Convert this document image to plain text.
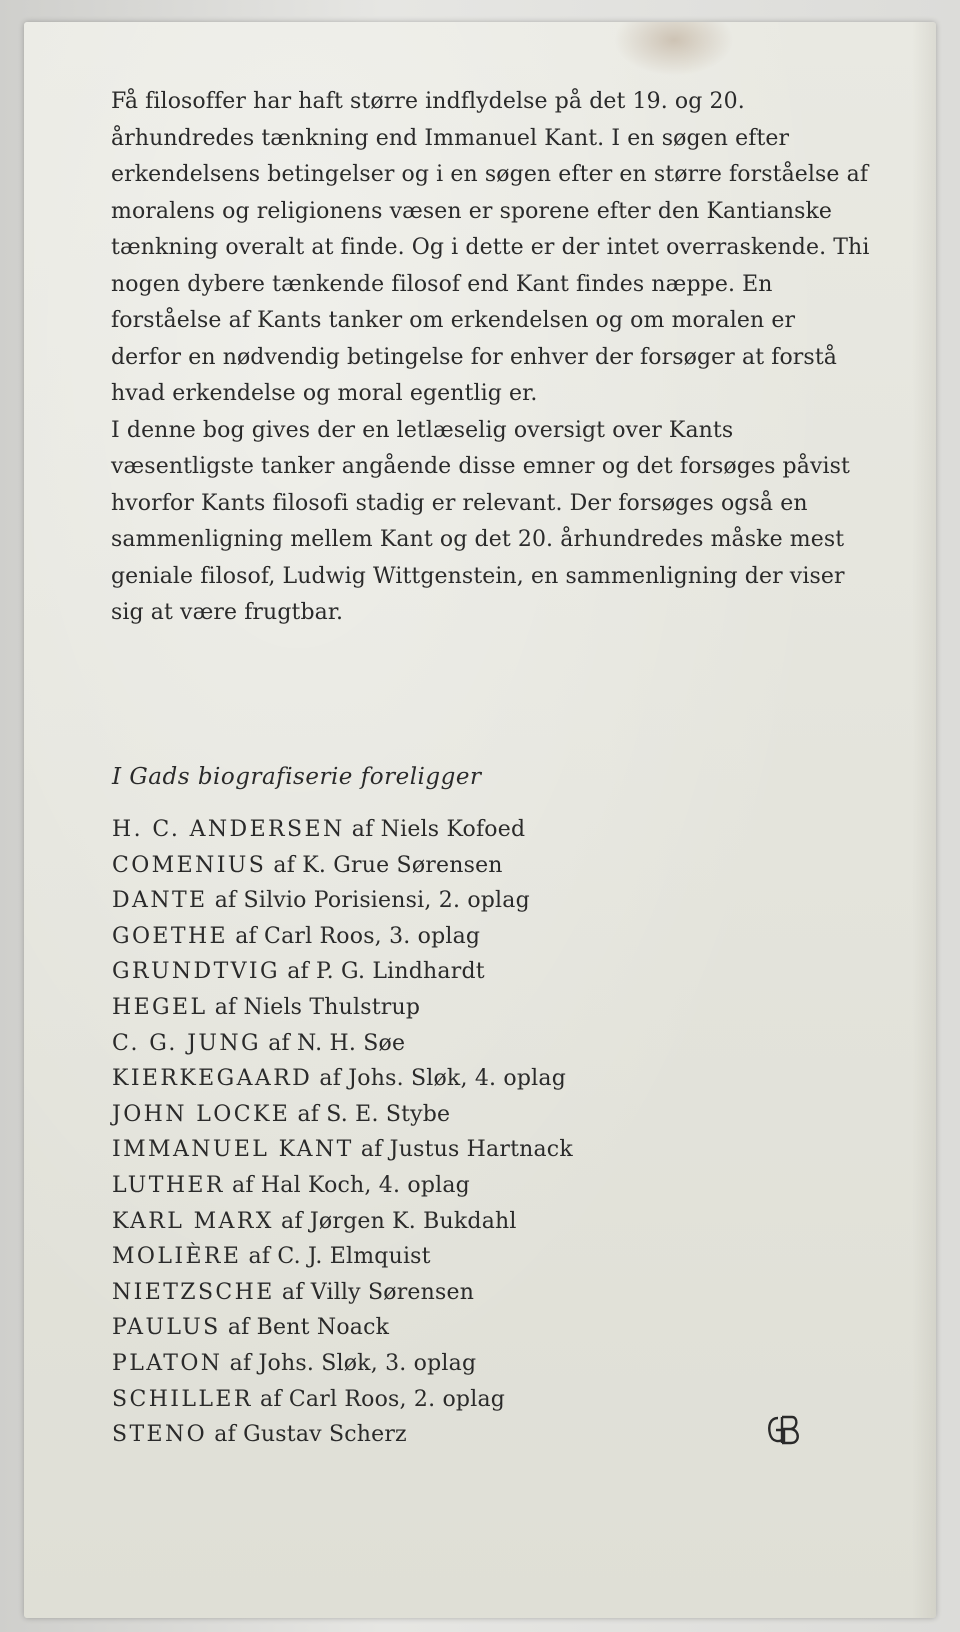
Få filosoffer har haft større indflydelse på det 19. og 20. århundredes tænkning end Immanuel Kant. I en søgen efter erkendelsens betingelser og i en søgen efter en større forståelse af moralens og religionens væsen er sporene efter den Kantianske tænkning overalt at finde. Og i dette er der intet overraskende. Thi nogen dybere tænkende filosof end Kant findes næppe. En forståelse af Kants tanker om erkendelsen og om moralen er derfor en nødvendig betingelse for enhver der forsøger at forstå hvad erkendelse og moral egentlig er.

I denne bog gives der en letlæselig oversigt over Kants væsentligste tanker angående disse emner og det forsøges påvist hvorfor Kants filosofi stadig er relevant. Der forsøges også en sammenligning mellem Kant og det 20. århundredes måske mest geniale filosof, Ludwig Wittgenstein, en sammenligning der viser sig at være frugtbar.

I Gads biografiserie foreligger
H. C. ANDERSEN af Niels Kofoed
COMENIUS af K. Grue Sørensen
DANTE af Silvio Porisiensi, 2. oplag
GOETHE af Carl Roos, 3. oplag
GRUNDTVIG af P. G. Lindhardt
HEGEL af Niels Thulstrup
C. G. JUNG af N. H. Søe
KIERKEGAARD af Johs. Sløk, 4. oplag
JOHN LOCKE af S. E. Stybe
IMMANUEL KANT af Justus Hartnack
LUTHER af Hal Koch, 4. oplag
KARL MARX af Jørgen K. Bukdahl
MOLIÈRE af C. J. Elmquist
NIETZSCHE af Villy Sørensen
PAULUS af Bent Noack
PLATON af Johs. Sløk, 3. oplag
SCHILLER af Carl Roos, 2. oplag
STENO af Gustav Scherz
